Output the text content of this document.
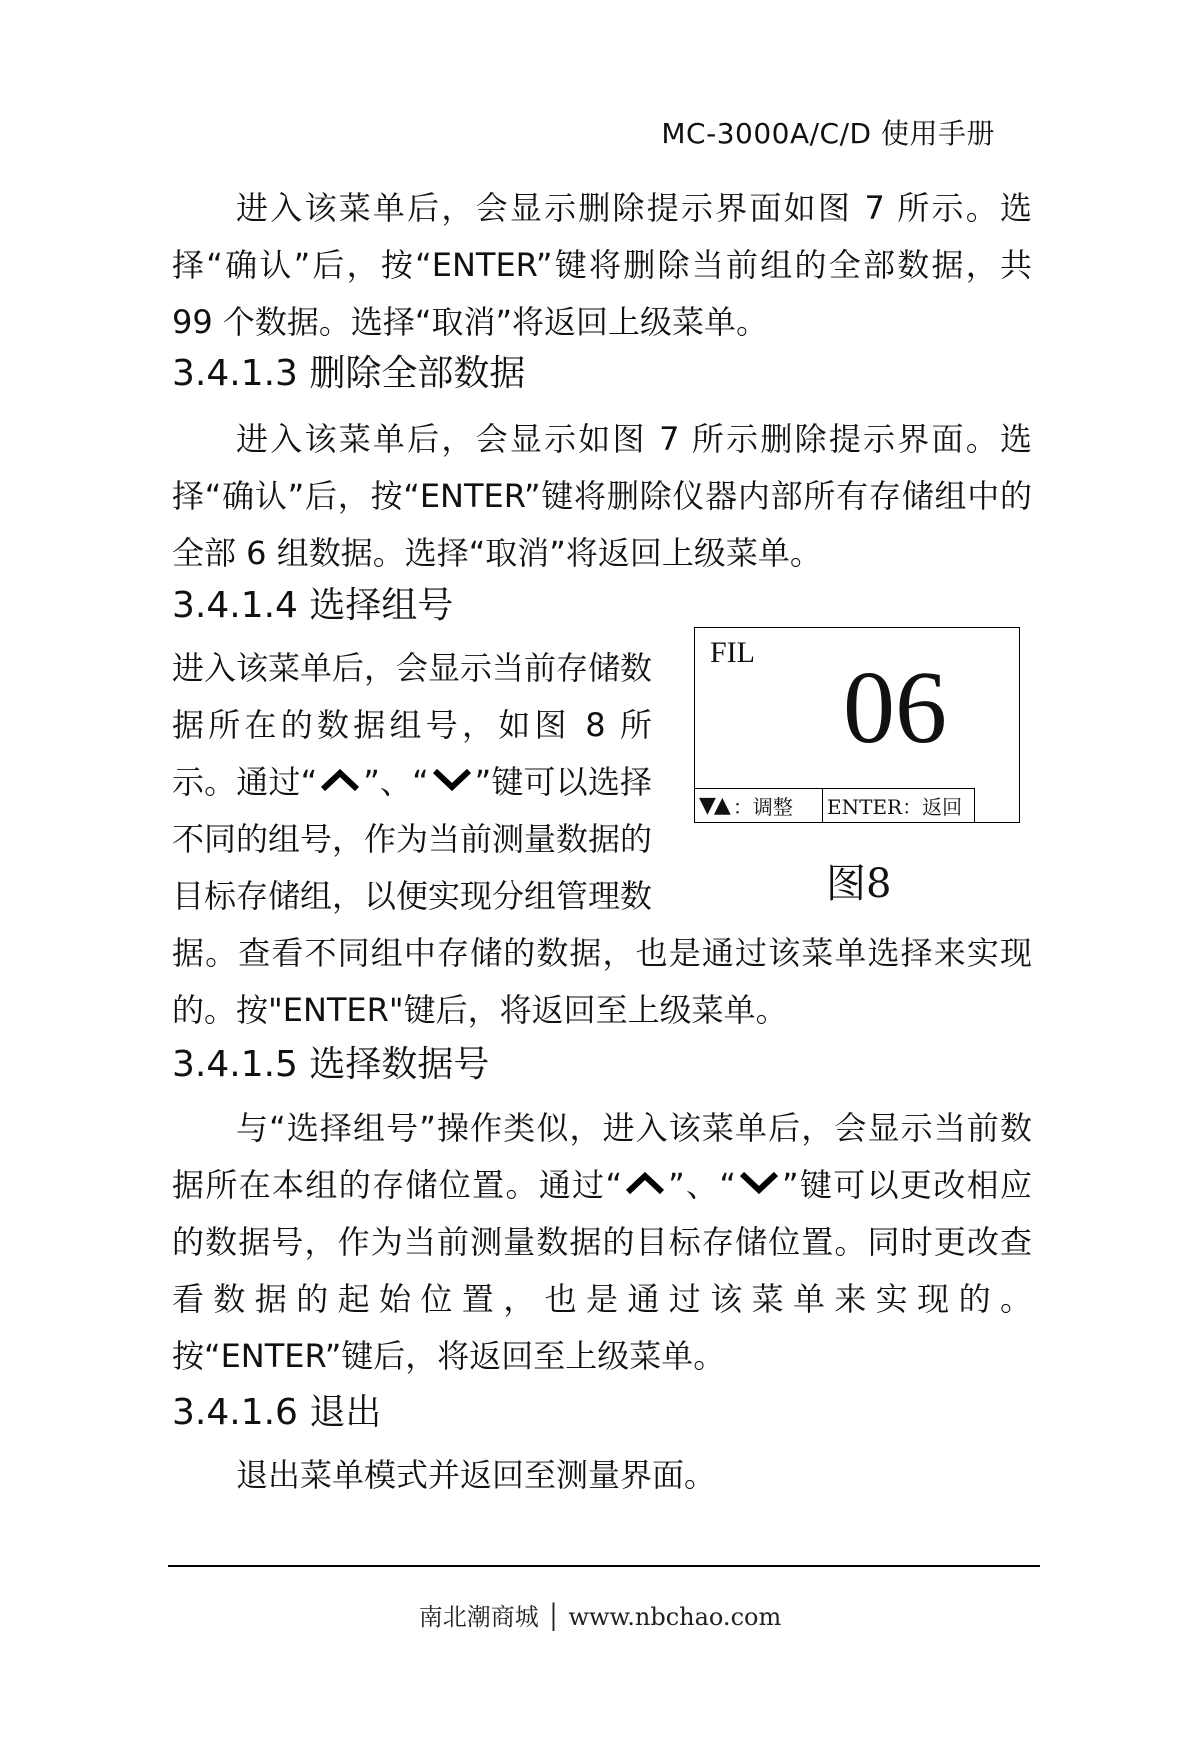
MC-3000A/C/D 使用手册

进入该菜单后，会显示删除提示界面如图 7 所示。选择“确认”后，按“ENTER”键将删除当前组的全部数据，共 99 个数据。选择“取消”将返回上级菜单。

3.4.1.3 删除全部数据

进入该菜单后，会显示如图 7 所示删除提示界面。选择“确认”后，按“ENTER”键将删除仪器内部所有存储组中的全部 6 组数据。选择“取消”将返回上级菜单。

3.4.1.4 选择组号

进入该菜单后，会显示当前存储数据所在的数据组号，如图 8 所示。通过“ ”、“ ”键可以选择不同的组号，作为当前测量数据的目标存储组，以便实现分组管理数

据。查看不同组中存储的数据，也是通过该菜单选择来实现的。按"ENTER"键后，将返回至上级菜单。

FIL 06
▼▲ ：调整 ENTER：返回
图8
3.4.1.5 选择数据号

与“选择组号”操作类似，进入该菜单后，会显示当前数据所在本组的存储位置。通过“ ”、“ ”键可以更改相应的数据号，作为当前测量数据的目标存储位置。同时更改查看数据的起始位置，也是通过该菜单来实现的。按“ENTER”键后，将返回至上级菜单。

3.4.1.6 退出

退出菜单模式并返回至测量界面。

南北潮商城 │ www.nbchao.com
